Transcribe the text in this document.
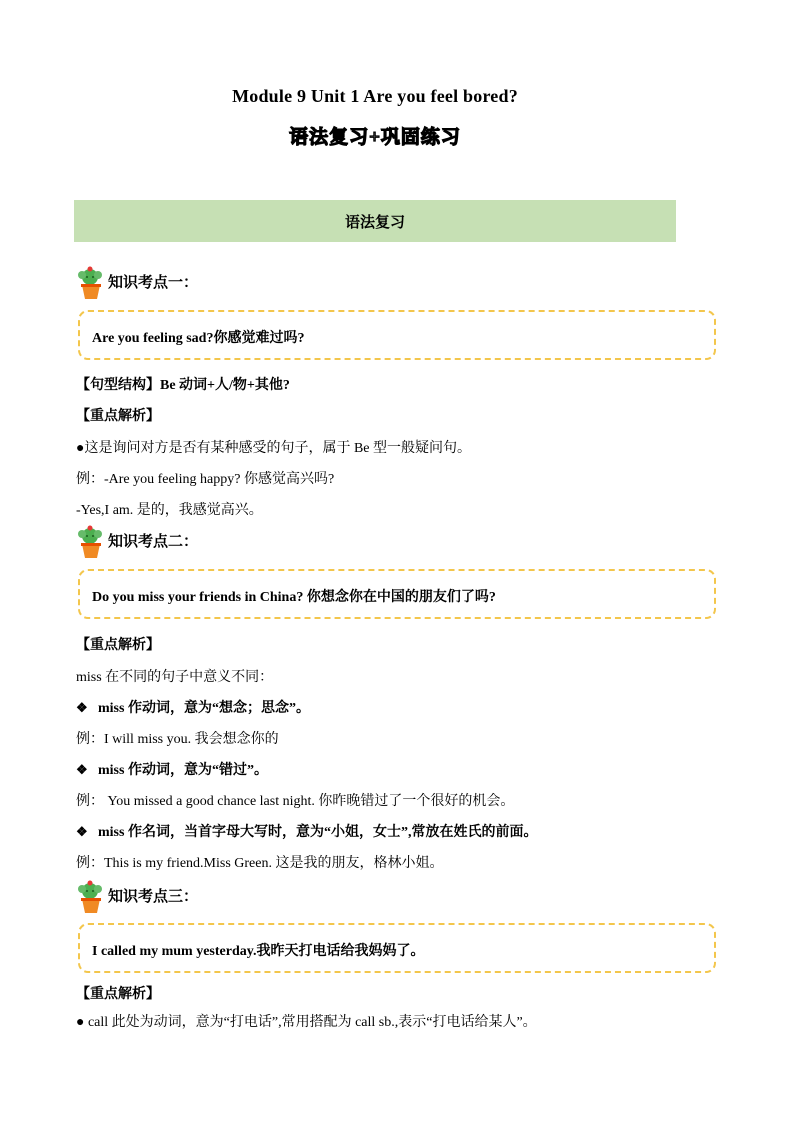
Module 9 Unit 1 Are you feel bored?
语法复习+巩固练习
语法复习
知识考点一：
Are you feeling sad?你感觉难过吗?
【句型结构】Be 动词+人/物+其他?
【重点解析】
●这是询问对方是否有某种感受的句子，属于 Be 型一般疑问句。
例：-Are you feeling happy? 你感觉高兴吗?
-Yes,I am. 是的，我感觉高兴。
知识考点二：
Do you miss your friends in China? 你想念你在中国的朋友们了吗?
【重点解析】
miss 在不同的句子中意义不同：
❖ miss 作动词，意为“想念；思念”。
例：I will miss you. 我会想念你的
❖ miss 作动词，意为“错过”。
例： You missed a good chance last night. 你昨晚错过了一个很好的机会。
❖ miss 作名词，当首字母大写时，意为“小姐，女士”,常放在姓氏的前面。
例：This is my friend.Miss Green. 这是我的朋友，格林小姐。
知识考点三：
I called my mum yesterday.我昨天打电话给我妈妈了。
【重点解析】
● call 此处为动词，意为“打电话”,常用搭配为 call sb.,表示“打电话给某人”。
